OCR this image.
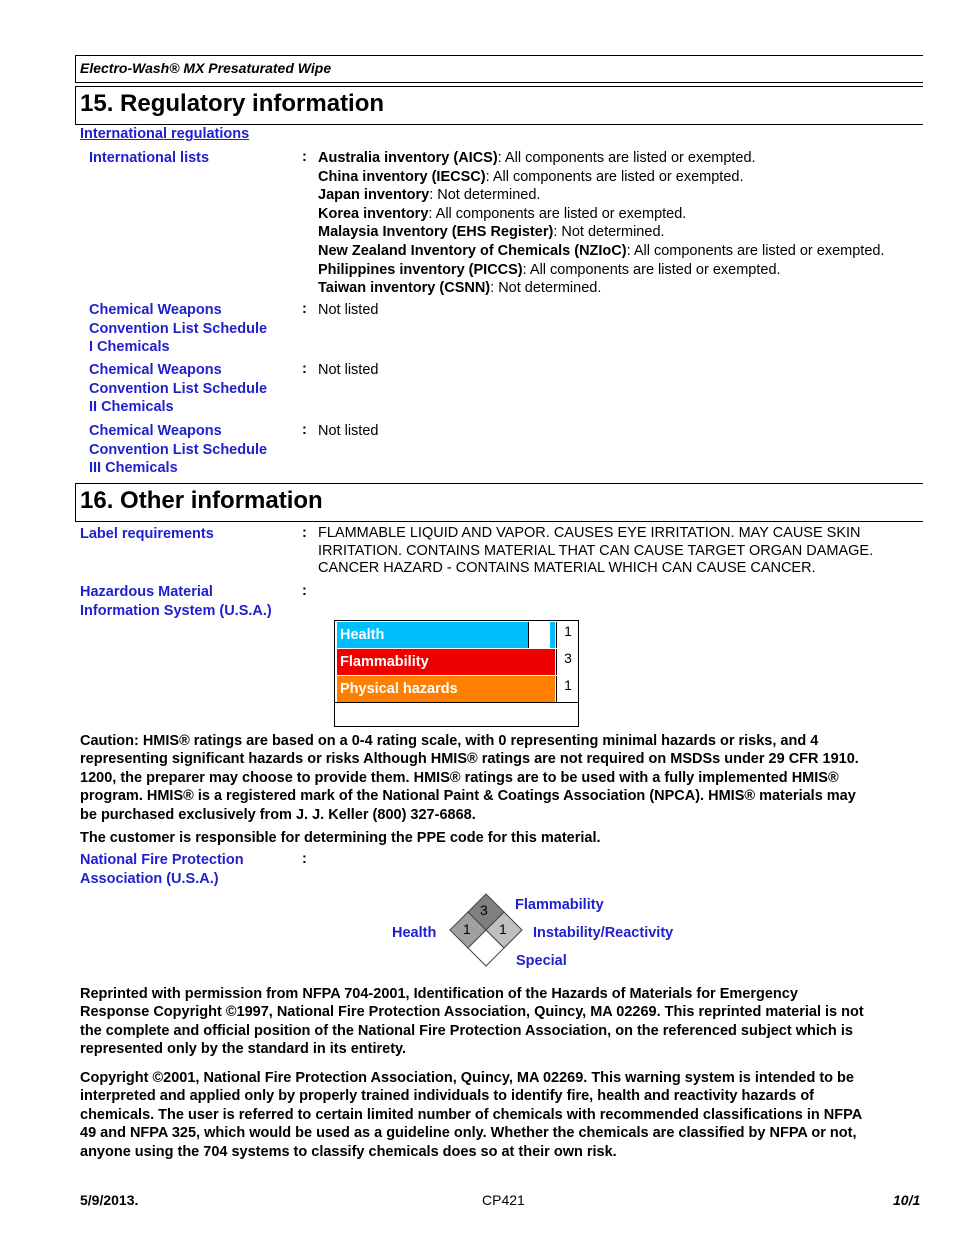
Electro-Wash® MX Presaturated Wipe
15. Regulatory information
International regulations
International lists	: Australia inventory (AICS): All components are listed or exempted.
China inventory (IECSC): All components are listed or exempted.
Japan inventory: Not determined.
Korea inventory: All components are listed or exempted.
Malaysia Inventory (EHS Register): Not determined.
New Zealand Inventory of Chemicals (NZIoC): All components are listed or exempted.
Philippines inventory (PICCS): All components are listed or exempted.
Taiwan inventory (CSNN): Not determined.
Chemical Weapons
Convention List Schedule
I Chemicals
: Not listed
Chemical Weapons
Convention List Schedule
II Chemicals
: Not listed
Chemical Weapons
Convention List Schedule
III Chemicals
: Not listed
16. Other information
Label requirements	: FLAMMABLE LIQUID AND VAPOR. CAUSES EYE IRRITATION. MAY CAUSE SKIN
IRRITATION. CONTAINS MATERIAL THAT CAN CAUSE TARGET ORGAN DAMAGE.
CANCER HAZARD - CONTAINS MATERIAL WHICH CAN CAUSE CANCER.
Hazardous Material
Information System (U.S.A.)
:
Health	1
Flammability	3
Physical hazards	1
Caution: HMIS® ratings are based on a 0-4 rating scale, with 0 representing minimal hazards or risks, and 4
representing significant hazards or risks Although HMIS® ratings are not required on MSDSs under 29 CFR 1910.
1200, the preparer may choose to provide them. HMIS® ratings are to be used with a fully implemented HMIS®
program. HMIS® is a registered mark of the National Paint & Coatings Association (NPCA). HMIS® materials may
be purchased exclusively from J. J. Keller (800) 327-6868.
The customer is responsible for determining the PPE code for this material.
National Fire Protection
Association (U.S.A.)
:
3
1 1
Flammability
Health	Instability/Reactivity
Special
Reprinted with permission from NFPA 704-2001, Identification of the Hazards of Materials for Emergency
Response Copyright ©1997, National Fire Protection Association, Quincy, MA 02269. This reprinted material is not
the complete and official position of the National Fire Protection Association, on the referenced subject which is
represented only by the standard in its entirety.
Copyright ©2001, National Fire Protection Association, Quincy, MA 02269. This warning system is intended to be
interpreted and applied only by properly trained individuals to identify fire, health and reactivity hazards of
chemicals. The user is referred to certain limited number of chemicals with recommended classifications in NFPA
49 and NFPA 325, which would be used as a guideline only. Whether the chemicals are classified by NFPA or not,
anyone using the 704 systems to classify chemicals does so at their own risk.
5/9/2013.	CP421	10/1
